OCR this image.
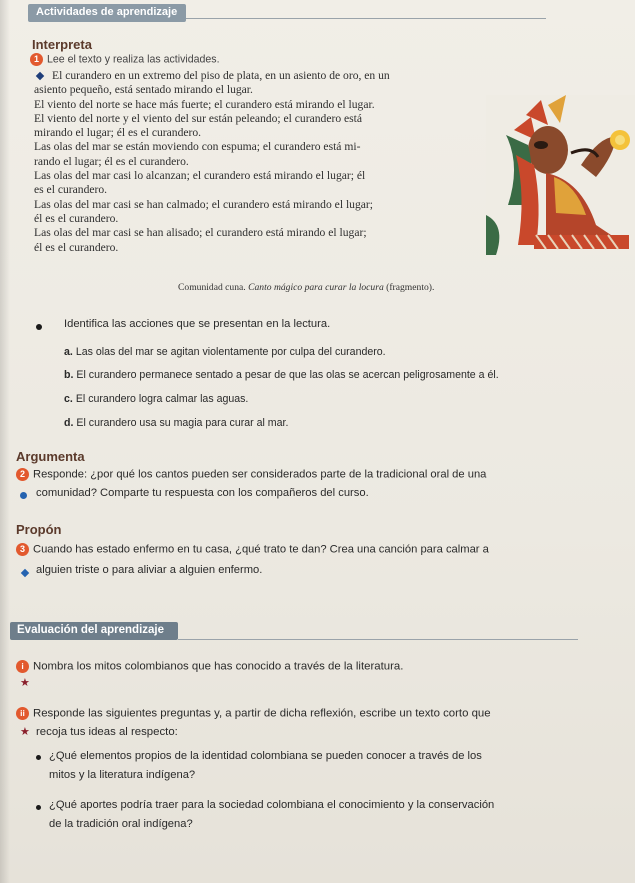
Actividades de aprendizaje
Interpreta
1 Lee el texto y realiza las actividades.
El curandero en un extremo del piso de plata, en un asiento de oro, en un
asiento pequeño, está sentado mirando el lugar.
El viento del norte se hace más fuerte; el curandero está mirando el lugar.
El viento del norte y el viento del sur están peleando; el curandero está
mirando el lugar; él es el curandero.
Las olas del mar se están moviendo con espuma; el curandero está mi-
rando el lugar; él es el curandero.
Las olas del mar casi lo alcanzan; el curandero está mirando el lugar; él
es el curandero.
Las olas del mar casi se han calmado; el curandero está mirando el lugar;
él es el curandero.
Las olas del mar casi se han alisado; el curandero está mirando el lugar;
él es el curandero.
Comunidad cuna. Canto mágico para curar la locura (fragmento).
Identifica las acciones que se presentan en la lectura.
a. Las olas del mar se agitan violentamente por culpa del curandero.
b. El curandero permanece sentado a pesar de que las olas se acercan peligrosamente a él.
c. El curandero logra calmar las aguas.
d. El curandero usa su magia para curar al mar.
Argumenta
2 Responde: ¿por qué los cantos pueden ser considerados parte de la tradicional oral de una
comunidad? Comparte tu respuesta con los compañeros del curso.
Propón
3 Cuando has estado enfermo en tu casa, ¿qué trato te dan? Crea una canción para calmar a
alguien triste o para aliviar a alguien enfermo.
Evaluación del aprendizaje
i Nombra los mitos colombianos que has conocido a través de la literatura.
★
ii Responde las siguientes preguntas y, a partir de dicha reflexión, escribe un texto corto que
★ recoja tus ideas al respecto:
¿Qué elementos propios de la identidad colombiana se pueden conocer a través de los
mitos y la literatura indígena?
¿Qué aportes podría traer para la sociedad colombiana el conocimiento y la conservación
de la tradición oral indígena?
